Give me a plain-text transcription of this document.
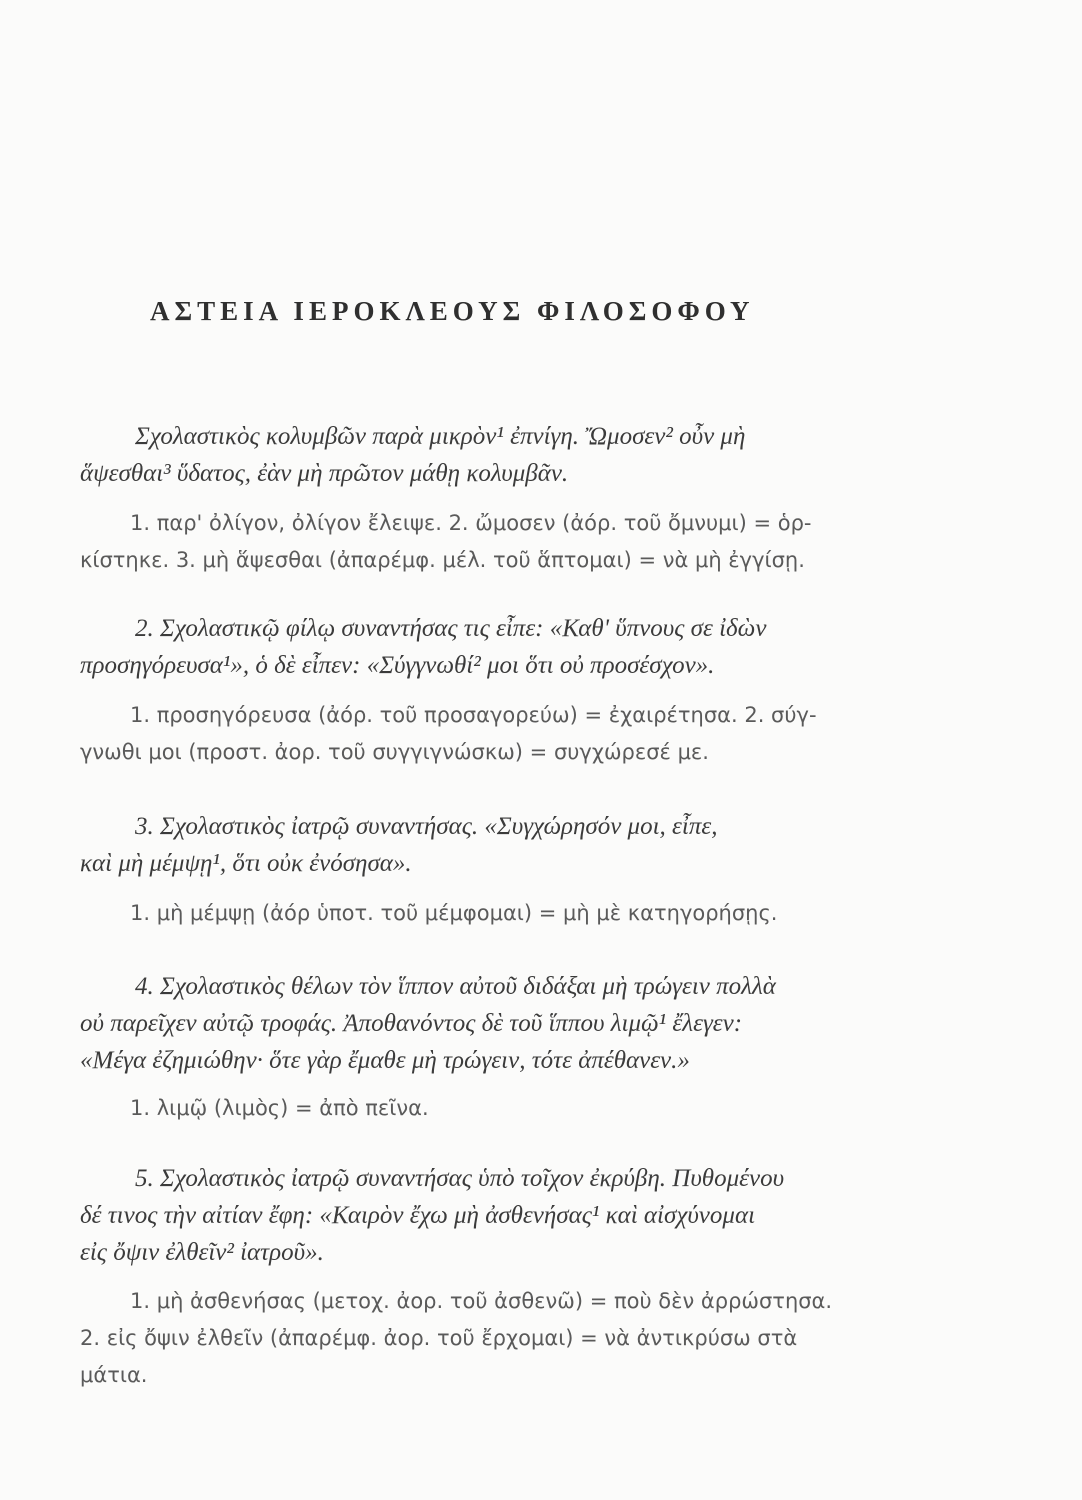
ΑΣΤΕΙΑ ΙΕΡΟΚΛΕΟΥΣ ΦΙΛΟΣΟΦΟΥ
Σχολαστικὸς κολυμβῶν παρὰ μικρὸν¹ ἐπνίγη. Ὤμοσεν² οὖν μὴ
ἅψεσθαι³ ὕδατος, ἐὰν μὴ πρῶτον μάθῃ κολυμβᾶν.
1. παρ' ὀλίγον, ὀλίγον ἔλειψε. 2. ὤμοσεν (ἀόρ. τοῦ ὄμνυμι) = ὁρ-
κίστηκε. 3. μὴ ἅψεσθαι (ἀπαρέμφ. μέλ. τοῦ ἅπτομαι) = νὰ μὴ ἐγγίσῃ.
2. Σχολαστικῷ φίλῳ συναντήσας τις εἶπε: «Καθ' ὕπνους σε ἰδὼν
προσηγόρευσα¹», ὁ δὲ εἶπεν: «Σύγγνωθί² μοι ὅτι οὐ προσέσχον».
1. προσηγόρευσα (ἀόρ. τοῦ προσαγορεύω) = ἐχαιρέτησα. 2. σύγ-
γνωθι μοι (προστ. ἀορ. τοῦ συγγιγνώσκω) = συγχώρεσέ με.
3. Σχολαστικὸς ἰατρῷ συναντήσας. «Συγχώρησόν μοι, εἶπε,
καὶ μὴ μέμψῃ¹, ὅτι οὐκ ἐνόσησα».
1. μὴ μέμψῃ (ἀόρ ὑποτ. τοῦ μέμφομαι) = μὴ μὲ κατηγορήσῃς.
4. Σχολαστικὸς θέλων τὸν ἵππον αὐτοῦ διδάξαι μὴ τρώγειν πολλὰ
οὐ παρεῖχεν αὐτῷ τροφάς. Ἀποθανόντος δὲ τοῦ ἵππου λιμῷ¹ ἔλεγεν:
«Μέγα ἐζημιώθην· ὅτε γὰρ ἔμαθε μὴ τρώγειν, τότε ἀπέθανεν.»
1. λιμῷ (λιμὸς) = ἀπὸ πεῖνα.
5. Σχολαστικὸς ἰατρῷ συναντήσας ὑπὸ τοῖχον ἐκρύβη. Πυθομένου
δέ τινος τὴν αἰτίαν ἔφη: «Καιρὸν ἔχω μὴ ἀσθενήσας¹ καὶ αἰσχύνομαι
εἰς ὄψιν ἐλθεῖν² ἰατροῦ».
1. μὴ ἀσθενήσας (μετοχ. ἀορ. τοῦ ἀσθενῶ) = ποὺ δὲν ἀρρώστησα.
2. εἰς ὄψιν ἐλθεῖν (ἀπαρέμφ. ἀορ. τοῦ ἔρχομαι) = νὰ ἀντικρύσω στὰ
μάτια.
